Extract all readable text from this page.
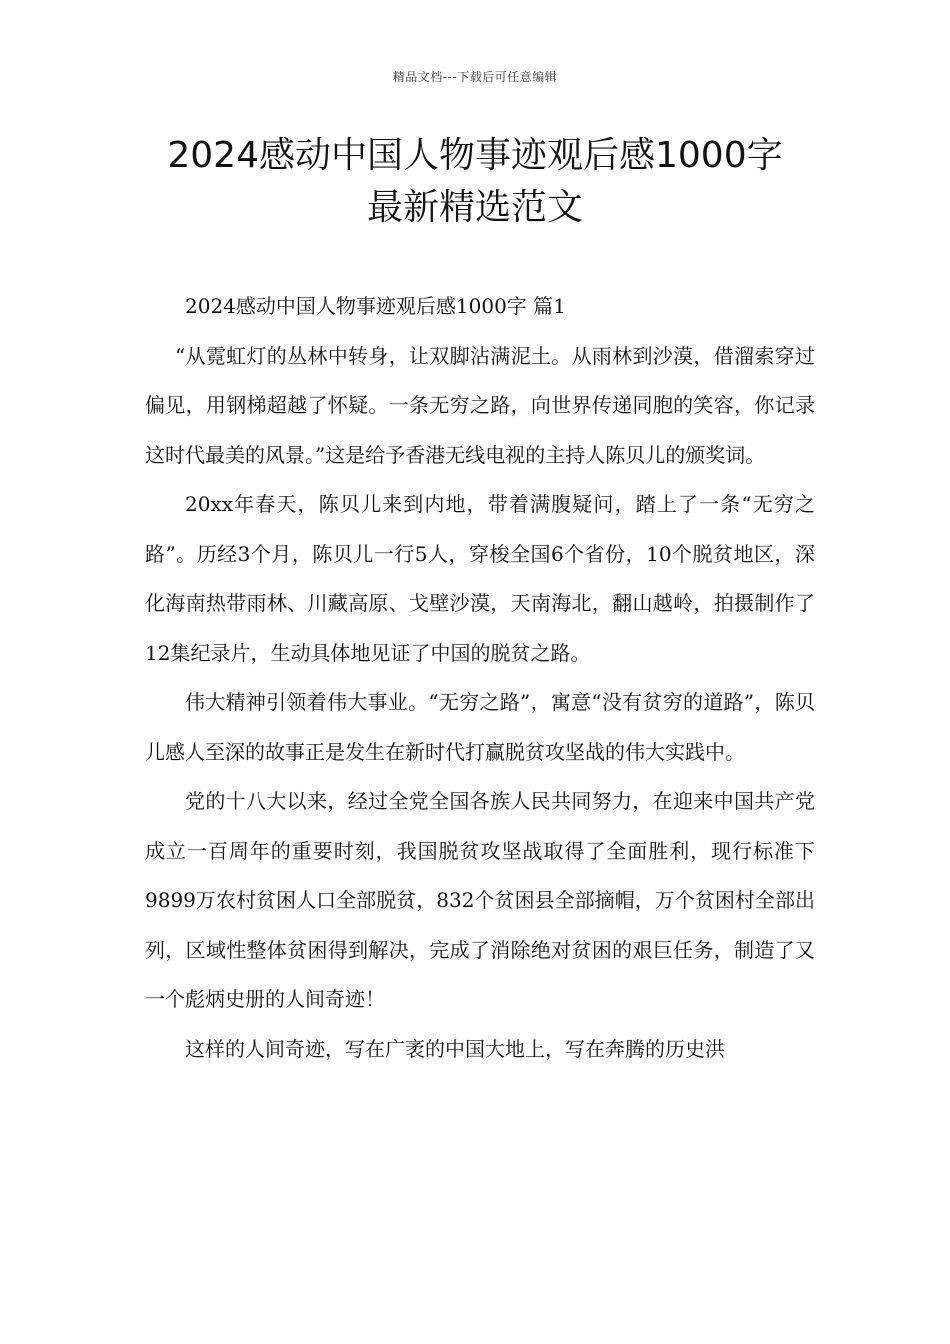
精品文档---下载后可任意编辑
2024感动中国人物事迹观后感1000字
最新精选范文

2024感动中国人物事迹观后感1000字 篇1

“从霓虹灯的丛林中转身，让双脚沾满泥土。从雨林到沙漠，借溜索穿过偏见，用钢梯超越了怀疑。一条无穷之路，向世界传递同胞的笑容，你记录这时代最美的风景。”这是给予香港无线电视的主持人陈贝儿的颁奖词。

20xx年春天，陈贝儿来到内地，带着满腹疑问，踏上了一条“无穷之路”。历经3个月，陈贝儿一行5人，穿梭全国6个省份，10个脱贫地区，深化海南热带雨林、川藏高原、戈壁沙漠，天南海北，翻山越岭，拍摄制作了12集纪录片，生动具体地见证了中国的脱贫之路。

伟大精神引领着伟大事业。“无穷之路”，寓意“没有贫穷的道路”，陈贝儿感人至深的故事正是发生在新时代打赢脱贫攻坚战的伟大实践中。

党的十八大以来，经过全党全国各族人民共同努力，在迎来中国共产党成立一百周年的重要时刻，我国脱贫攻坚战取得了全面胜利，现行标准下9899万农村贫困人口全部脱贫，832个贫困县全部摘帽，万个贫困村全部出列，区域性整体贫困得到解决，完成了消除绝对贫困的艰巨任务，制造了又一个彪炳史册的人间奇迹！

这样的人间奇迹，写在广袤的中国大地上，写在奔腾的历史洪
